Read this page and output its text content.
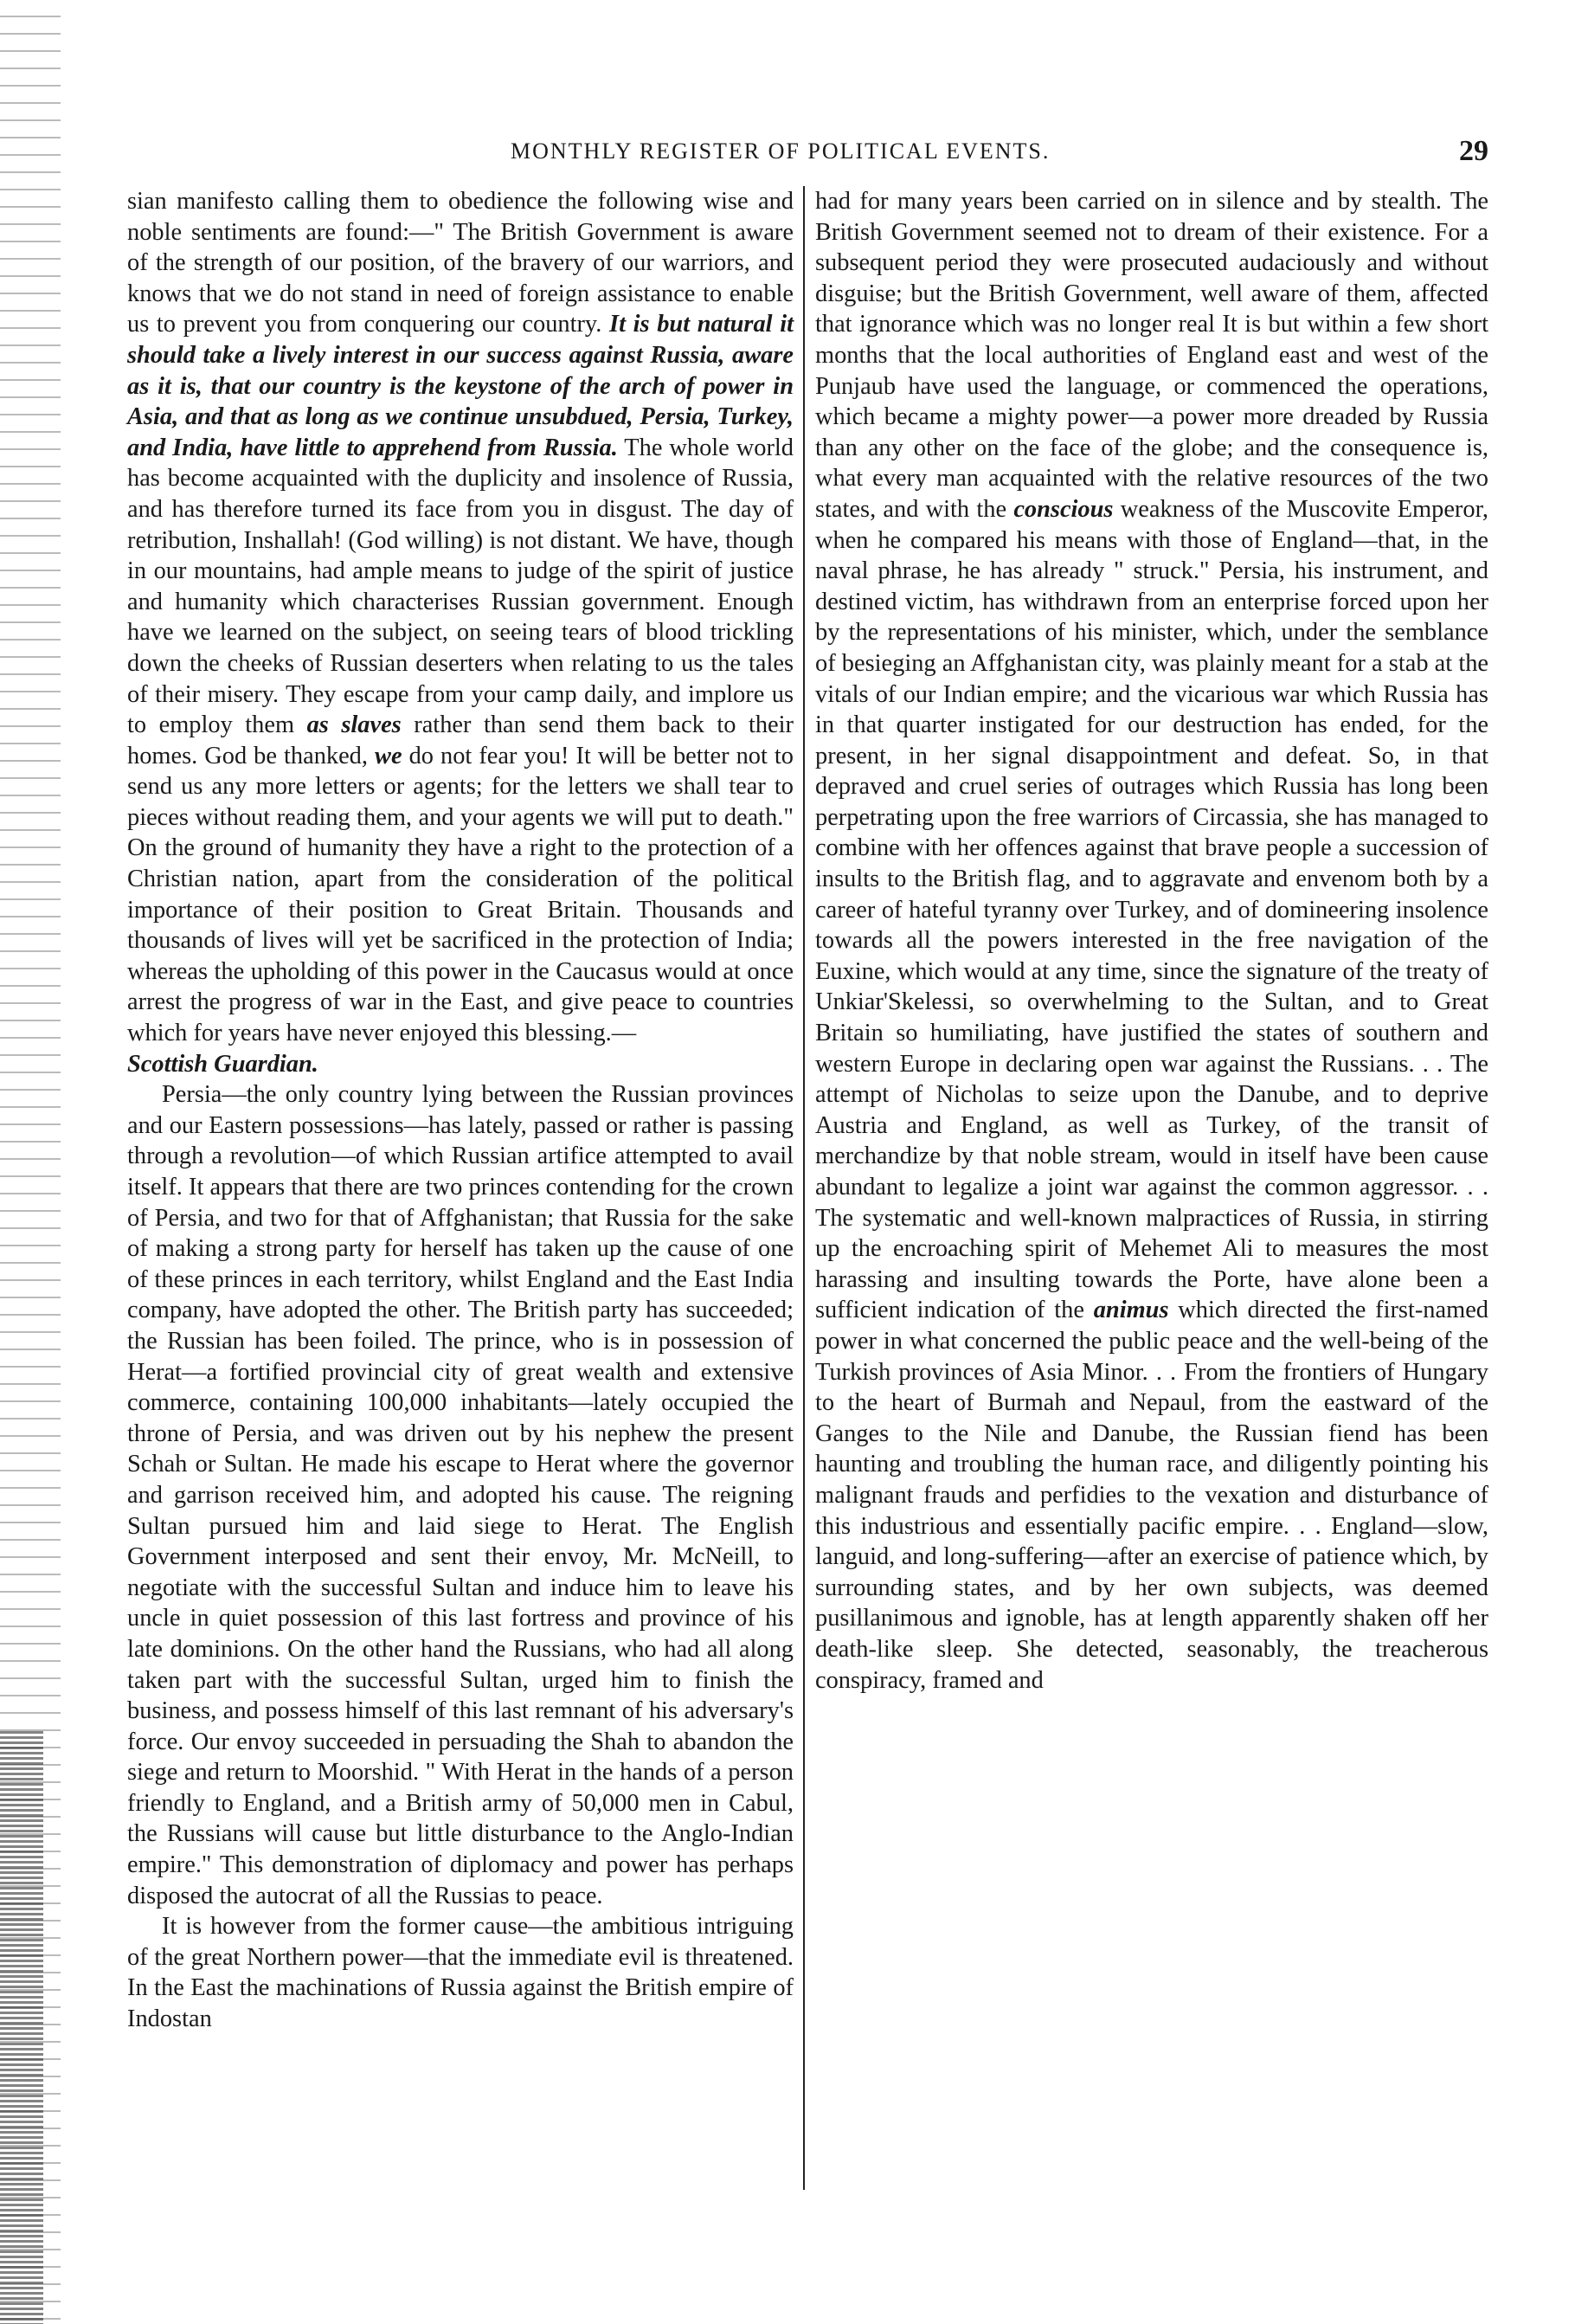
MONTHLY REGISTER OF POLITICAL EVENTS.	29

sian manifesto calling them to obedience the following wise and noble sentiments are found:—" The British Government is aware of the strength of our position, of the bravery of our warriors, and knows that we do not stand in need of foreign assistance to enable us to prevent you from conquering our country. It is but natural it should take a lively interest in our success against Russia, aware as it is, that our country is the keystone of the arch of power in Asia, and that as long as we continue unsubdued, Persia, Turkey, and India, have little to apprehend from Russia. The whole world has become acquainted with the duplicity and insolence of Russia, and has therefore turned its face from you in disgust. The day of retribution, Inshallah! (God willing) is not distant. We have, though in our mountains, had ample means to judge of the spirit of justice and humanity which characterises Russian government. Enough have we learned on the subject, on seeing tears of blood trickling down the cheeks of Russian deserters when relating to us the tales of their misery. They escape from your camp daily, and implore us to employ them as slaves rather than send them back to their homes. God be thanked, we do not fear you! It will be better not to send us any more letters or agents; for the letters we shall tear to pieces without reading them, and your agents we will put to death." On the ground of humanity they have a right to the protection of a Christian nation, apart from the consideration of the political importance of their position to Great Britain. Thousands and thousands of lives will yet be sacrificed in the protection of India; whereas the upholding of this power in the Caucasus would at once arrest the progress of war in the East, and give peace to countries which for years have never enjoyed this blessing.—
Scottish Guardian.

Persia—the only country lying between the Russian provinces and our Eastern possessions—has lately, passed or rather is passing through a revolution—of which Russian artifice attempted to avail itself. It appears that there are two princes contending for the crown of Persia, and two for that of Affghanistan; that Russia for the sake of making a strong party for herself has taken up the cause of one of these princes in each territory, whilst England and the East India company, have adopted the other. The British party has succeeded; the Russian has been foiled. The prince, who is in possession of Herat—a fortified provincial city of great wealth and extensive commerce, containing 100,000 inhabitants—lately occupied the throne of Persia, and was driven out by his nephew the present Schah or Sultan. He made his escape to Herat where the governor and garrison received him, and adopted his cause. The reigning Sultan pursued him and laid siege to Herat. The English Government interposed and sent their envoy, Mr. McNeill, to negotiate with the successful Sultan and induce him to leave his uncle in quiet possession of this last fortress and province of his late dominions. On the other hand the Russians, who had all along taken part with the successful Sultan, urged him to finish the business, and possess himself of this last remnant of his adversary's force. Our envoy succeeded in persuading the Shah to abandon the siege and return to Moorshid. " With Herat in the hands of a person friendly to England, and a British army of 50,000 men in Cabul, the Russians will cause but little disturbance to the Anglo-Indian empire." This demonstration of diplomacy and power has perhaps disposed the autocrat of all the Russias to peace.

It is however from the former cause—the ambitious intriguing of the great Northern power—that the immediate evil is threatened. In the East the machinations of Russia against the British empire of Indostan

had for many years been carried on in silence and by stealth. The British Government seemed not to dream of their existence. For a subsequent period they were prosecuted audaciously and without disguise; but the British Government, well aware of them, affected that ignorance which was no longer real It is but within a few short months that the local authorities of England east and west of the Punjaub have used the language, or commenced the operations, which became a mighty power—a power more dreaded by Russia than any other on the face of the globe; and the consequence is, what every man acquainted with the relative resources of the two states, and with the conscious weakness of the Muscovite Emperor, when he compared his means with those of England—that, in the naval phrase, he has already " struck." Persia, his instrument, and destined victim, has withdrawn from an enterprise forced upon her by the representations of his minister, which, under the semblance of besieging an Affghanistan city, was plainly meant for a stab at the vitals of our Indian empire; and the vicarious war which Russia has in that quarter instigated for our destruction has ended, for the present, in her signal disappointment and defeat. So, in that depraved and cruel series of outrages which Russia has long been perpetrating upon the free warriors of Circassia, she has managed to combine with her offences against that brave people a succession of insults to the British flag, and to aggravate and envenom both by a career of hateful tyranny over Turkey, and of domineering insolence towards all the powers interested in the free navigation of the Euxine, which would at any time, since the signature of the treaty of Unkiar'Skelessi, so overwhelming to the Sultan, and to Great Britain so humiliating, have justified the states of southern and western Europe in declaring open war against the Russians. . . The attempt of Nicholas to seize upon the Danube, and to deprive Austria and England, as well as Turkey, of the transit of merchandize by that noble stream, would in itself have been cause abundant to legalize a joint war against the common aggressor. . . The systematic and well-known malpractices of Russia, in stirring up the encroaching spirit of Mehemet Ali to measures the most harassing and insulting towards the Porte, have alone been a sufficient indication of the animus which directed the first-named power in what concerned the public peace and the well-being of the Turkish provinces of Asia Minor. . . From the frontiers of Hungary to the heart of Burmah and Nepaul, from the eastward of the Ganges to the Nile and Danube, the Russian fiend has been haunting and troubling the human race, and diligently pointing his malignant frauds and perfidies to the vexation and disturbance of this industrious and essentially pacific empire. . . England—slow, languid, and long-suffering—after an exercise of patience which, by surrounding states, and by her own subjects, was deemed pusillanimous and ignoble, has at length apparently shaken off her death-like sleep. She detected, seasonably, the treacherous conspiracy, framed and
